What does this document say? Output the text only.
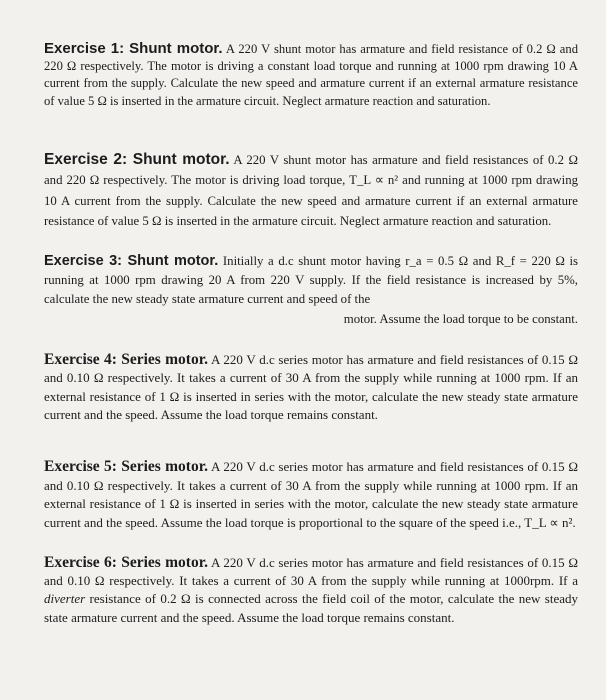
Exercise 1: Shunt motor. A 220 V shunt motor has armature and field resistance of 0.2 Ω and 220 Ω respectively. The motor is driving a constant load torque and running at 1000 rpm drawing 10 A current from the supply. Calculate the new speed and armature current if an external armature resistance of value 5 Ω is inserted in the armature circuit. Neglect armature reaction and saturation.
Exercise 2: Shunt motor. A 220 V shunt motor has armature and field resistances of 0.2 Ω and 220 Ω respectively. The motor is driving load torque, T_L ∝ n² and running at 1000 rpm drawing 10 A current from the supply. Calculate the new speed and armature current if an external armature resistance of value 5 Ω is inserted in the armature circuit. Neglect armature reaction and saturation.
Exercise 3: Shunt motor. Initially a d.c shunt motor having r_a = 0.5 Ω and R_f = 220 Ω is running at 1000 rpm drawing 20 A from 220 V supply. If the field resistance is increased by 5%, calculate the new steady state armature current and speed of the
motor. Assume the load torque to be constant.
Exercise 4: Series motor. A 220 V d.c series motor has armature and field resistances of 0.15 Ω and 0.10 Ω respectively. It takes a current of 30 A from the supply while running at 1000 rpm. If an external resistance of 1 Ω is inserted in series with the motor, calculate the new steady state armature current and the speed. Assume the load torque remains constant.
Exercise 5: Series motor. A 220 V d.c series motor has armature and field resistances of 0.15 Ω and 0.10 Ω respectively. It takes a current of 30 A from the supply while running at 1000 rpm. If an external resistance of 1 Ω is inserted in series with the motor, calculate the new steady state armature current and the speed. Assume the load torque is proportional to the square of the speed i.e., T_L ∝ n².
Exercise 6: Series motor. A 220 V d.c series motor has armature and field resistances of 0.15 Ω and 0.10 Ω respectively. It takes a current of 30 A from the supply while running at 1000rpm. If a diverter resistance of 0.2 Ω is connected across the field coil of the motor, calculate the new steady state armature current and the speed. Assume the load torque remains constant.
